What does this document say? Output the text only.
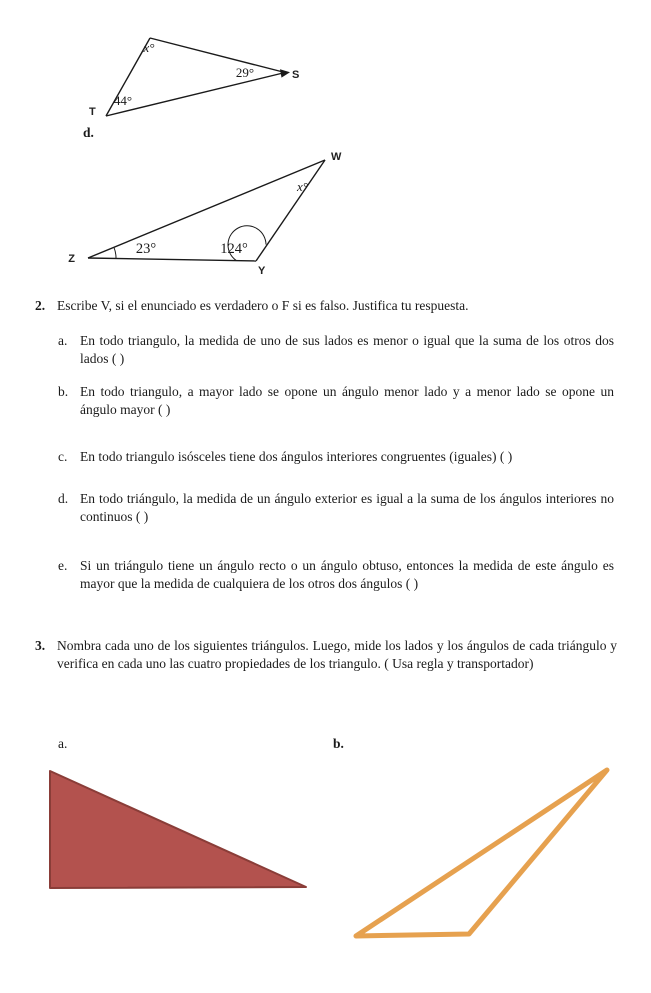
T
S
x°
29°
44°
W
Z
Y
x°
23°	124°
d.
2. Escribe V, si el enunciado es verdadero o F si es falso. Justifica tu respuesta.
a. En todo triangulo, la medida de uno de sus lados es menor o igual que la suma de los otros dos lados ( )
b. En todo triangulo, a mayor lado se opone un ángulo menor lado y a menor lado se opone un ángulo mayor ( )
c. En todo triangulo isósceles tiene dos ángulos interiores congruentes (iguales) ( )
d. En todo triángulo, la medida de un ángulo exterior es igual a la suma de los ángulos interiores no continuos ( )
e. Si un triángulo tiene un ángulo recto o un ángulo obtuso, entonces la medida de este ángulo es mayor que la medida de cualquiera de los otros dos ángulos ( )
3. Nombra cada uno de los siguientes triángulos. Luego, mide los lados y los ángulos de cada triángulo y verifica en cada uno las cuatro propiedades de los triangulo. ( Usa regla y transportador)
a.	b.
